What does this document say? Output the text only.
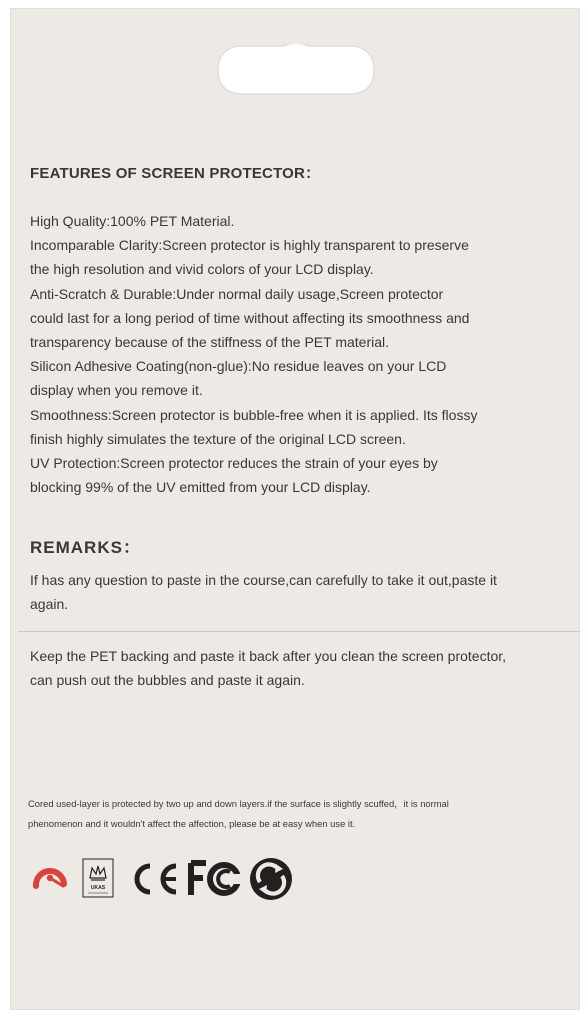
FEATURES OF SCREEN PROTECTOR：

High Quality:100% PET Material.

Incomparable Clarity:Screen protector is highly transparent to preserve

the high resolution and vivid colors of your LCD display.

Anti-Scratch & Durable:Under normal daily usage,Screen protector

could last for a long period of time without affecting its smoothness and

transparency because of the stiffness of the PET material.

Silicon Adhesive Coating(non-glue):No residue leaves on your LCD

display when you remove it.

Smoothness:Screen protector is bubble-free when it is applied. Its flossy

finish highly simulates the texture of the original LCD screen.

UV Protection:Screen protector reduces the strain of your eyes by

blocking 99% of the UV emitted from your LCD display.

REMARKS：

If has any question to paste in the course,can carefully to take it out,paste it

again.

Keep the PET backing and paste it back after you clean the screen protector,

can push out the bubbles and paste it again.

Cored used-layer is protected by two up and down layers.if the surface is slightly scuffed，it is normal
phenomenon and it wouldn't affect the affection, please be at easy when use it.
UKAS
